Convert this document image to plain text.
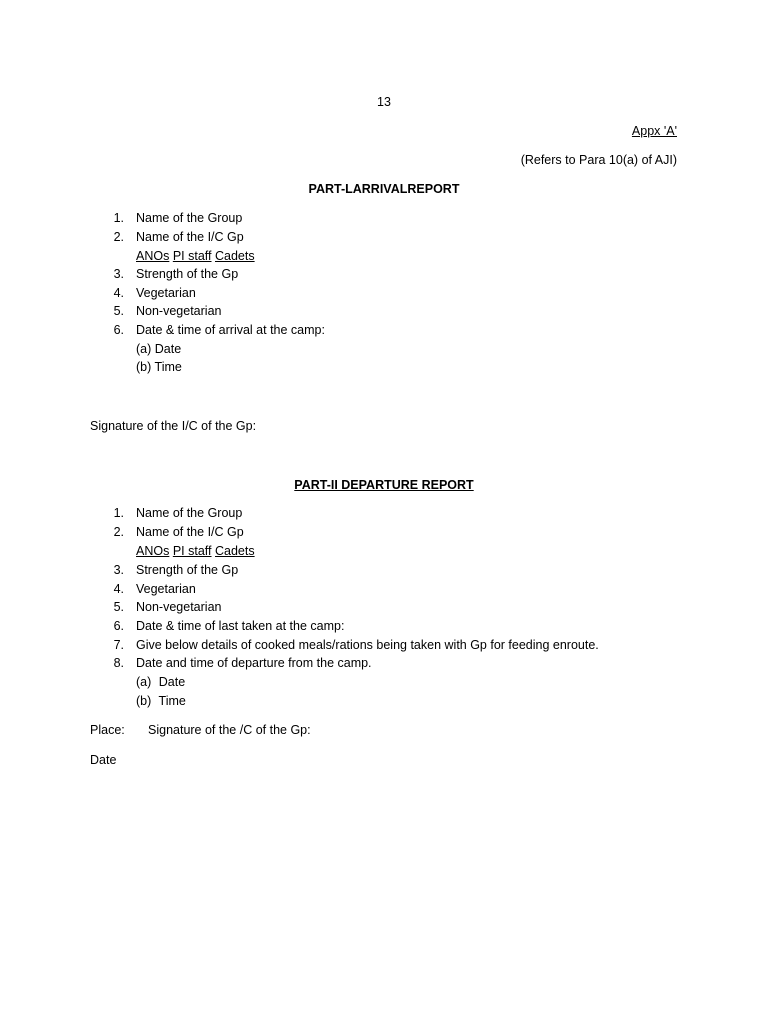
13
Appx 'A'
(Refers to Para 10(a) of AJI)
PART-LARRIVALREPORT
1. Name of the Group
2. Name of the I/C Gp
ANOs PI staff Cadets
3. Strength of the Gp
4. Vegetarian
5. Non-vegetarian
6. Date & time of arrival at the camp:
(a) Date
(b) Time
Signature of the I/C of the Gp:
PART-II DEPARTURE REPORT
1. Name of the Group
2. Name of the I/C Gp
ANOs PI staff Cadets
3. Strength of the Gp
4. Vegetarian
5. Non-vegetarian
6. Date & time of last taken at the camp:
7. Give below details of cooked meals/rations being taken with Gp for feeding enroute.
8. Date and time of departure from the camp.
(a) Date
(b) Time
Place: Signature of the /C of the Gp:
Date
